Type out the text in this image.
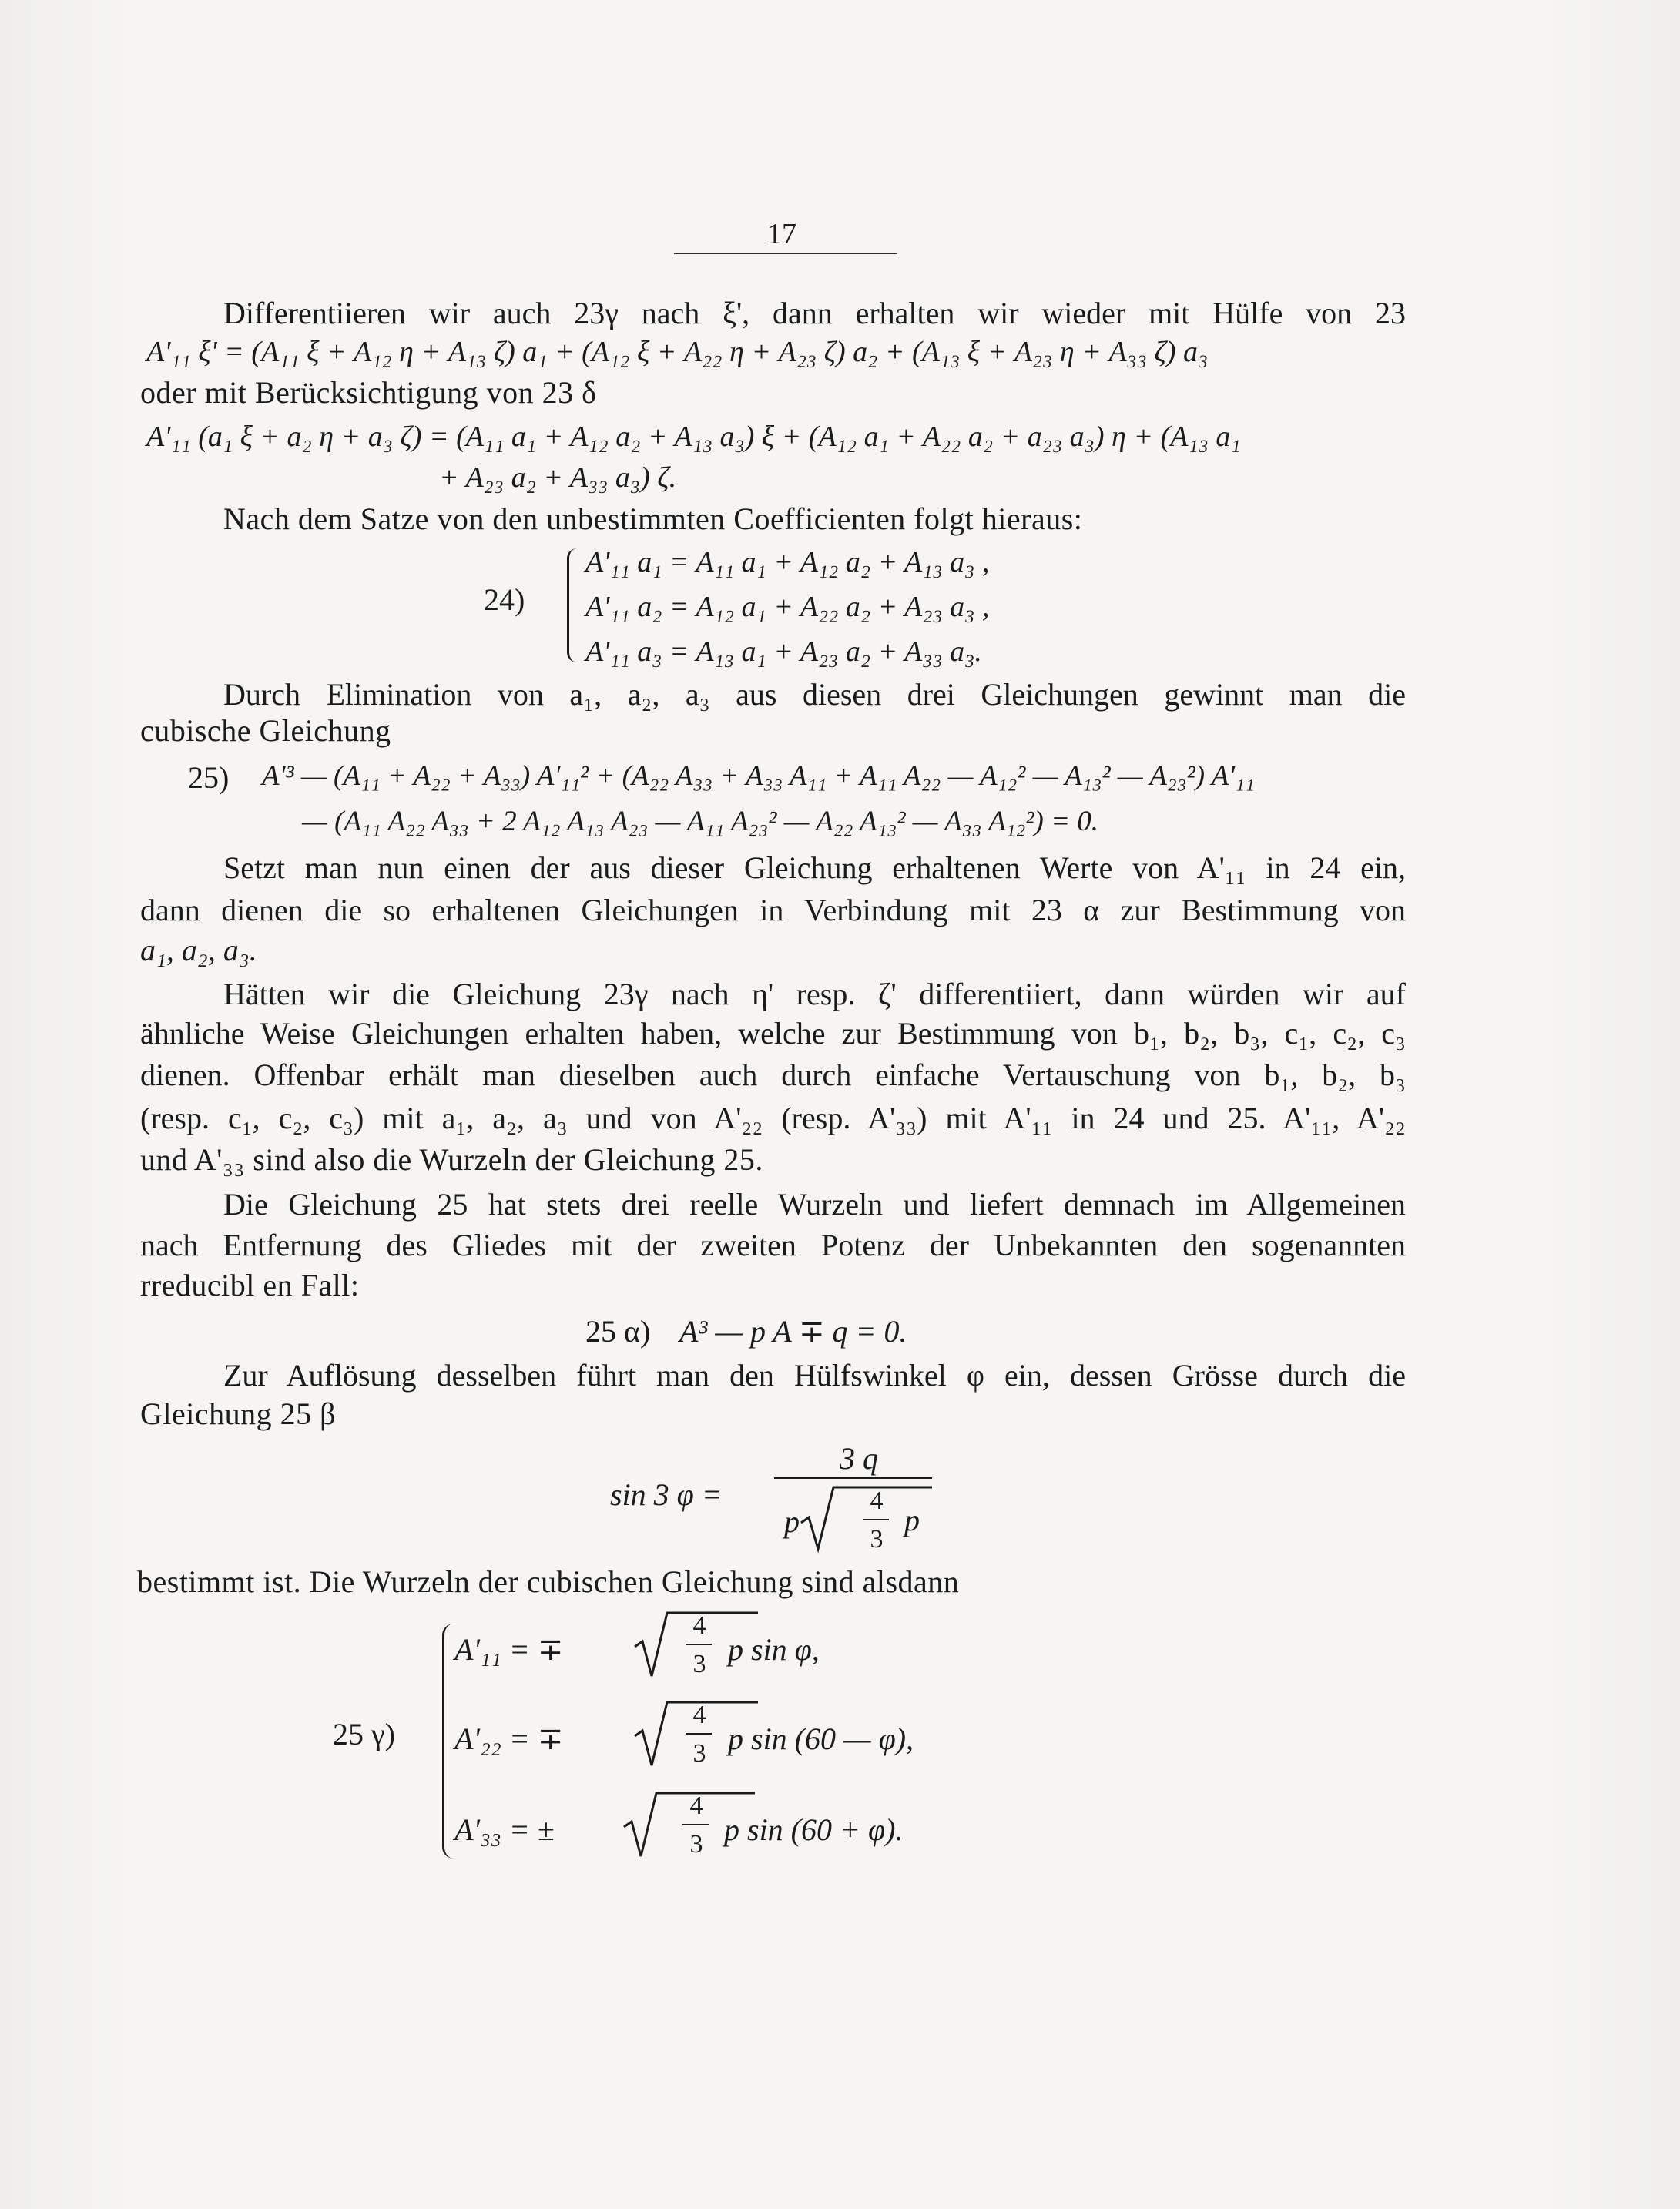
17
Differentiieren wir auch 23γ nach ξ', dann erhalten wir wieder mit Hülfe von 23
A'₁₁ ξ' = (A₁₁ ξ + A₁₂ η + A₁₃ ζ) a₁ + (A₁₂ ξ + A₂₂ η + A₂₃ ζ) a₂ + (A₁₃ ξ + A₂₃ η + A₃₃ ζ) a₃
oder mit Berücksichtigung von 23 δ
A'₁₁ (a₁ ξ + a₂ η + a₃ ζ) = (A₁₁ a₁ + A₁₂ a₂ + A₁₃ a₃) ξ + (A₁₂ a₁ + A₂₂ a₂ + a₂₃ a₃) η + (A₁₃ a₁
+ A₂₃ a₂ + A₃₃ a₃) ζ.
Nach dem Satze von den unbestimmten Coefficienten folgt hieraus:
24)
A'₁₁ a₁ = A₁₁ a₁ + A₁₂ a₂ + A₁₃ a₃ ,
A'₁₁ a₂ = A₁₂ a₁ + A₂₂ a₂ + A₂₃ a₃ ,
A'₁₁ a₃ = A₁₃ a₁ + A₂₃ a₂ + A₃₃ a₃.
Durch Elimination von a₁, a₂, a₃ aus diesen drei Gleichungen gewinnt man die
cubische Gleichung
25) A'³ — (A₁₁ + A₂₂ + A₃₃) A'₁₁² + (A₂₂ A₃₃ + A₃₃ A₁₁ + A₁₁ A₂₂ — A₁₂² — A₁₃² — A₂₃²) A'₁₁
— (A₁₁ A₂₂ A₃₃ + 2 A₁₂ A₁₃ A₂₃ — A₁₁ A₂₃² — A₂₂ A₁₃² — A₃₃ A₁₂²) = 0.
Setzt man nun einen der aus dieser Gleichung erhaltenen Werte von A'₁₁ in 24 ein,
dann dienen die so erhaltenen Gleichungen in Verbindung mit 23 α zur Bestimmung von
a₁, a₂, a₃.
Hätten wir die Gleichung 23γ nach η' resp. ζ' differentiiert, dann würden wir auf
ähnliche Weise Gleichungen erhalten haben, welche zur Bestimmung von b₁, b₂, b₃, c₁, c₂, c₃
dienen. Offenbar erhält man dieselben auch durch einfache Vertauschung von b₁, b₂, b₃
(resp. c₁, c₂, c₃) mit a₁, a₂, a₃ und von A'₂₂ (resp. A'₃₃) mit A'₁₁ in 24 und 25. A'₁₁, A'₂₂
und A'₃₃ sind also die Wurzeln der Gleichung 25.
Die Gleichung 25 hat stets drei reelle Wurzeln und liefert demnach im Allgemeinen
nach Entfernung des Gliedes mit der zweiten Potenz der Unbekannten den sogenannten
rreducibl en Fall:
25 α) A³ — p A ∓ q = 0.
Zur Auflösung desselben führt man den Hülfswinkel φ ein, dessen Grösse durch die
Gleichung 25 β
sin 3 φ =
3 q
p
4
3
p
bestimmt ist. Die Wurzeln der cubischen Gleichung sind alsdann
25 γ)
A'₁₁ = ∓
4
3 p sin φ,
A'₂₂ = ∓
4
3 p sin (60 — φ),
A'₃₃ = ±
4
3 p sin (60 + φ).
